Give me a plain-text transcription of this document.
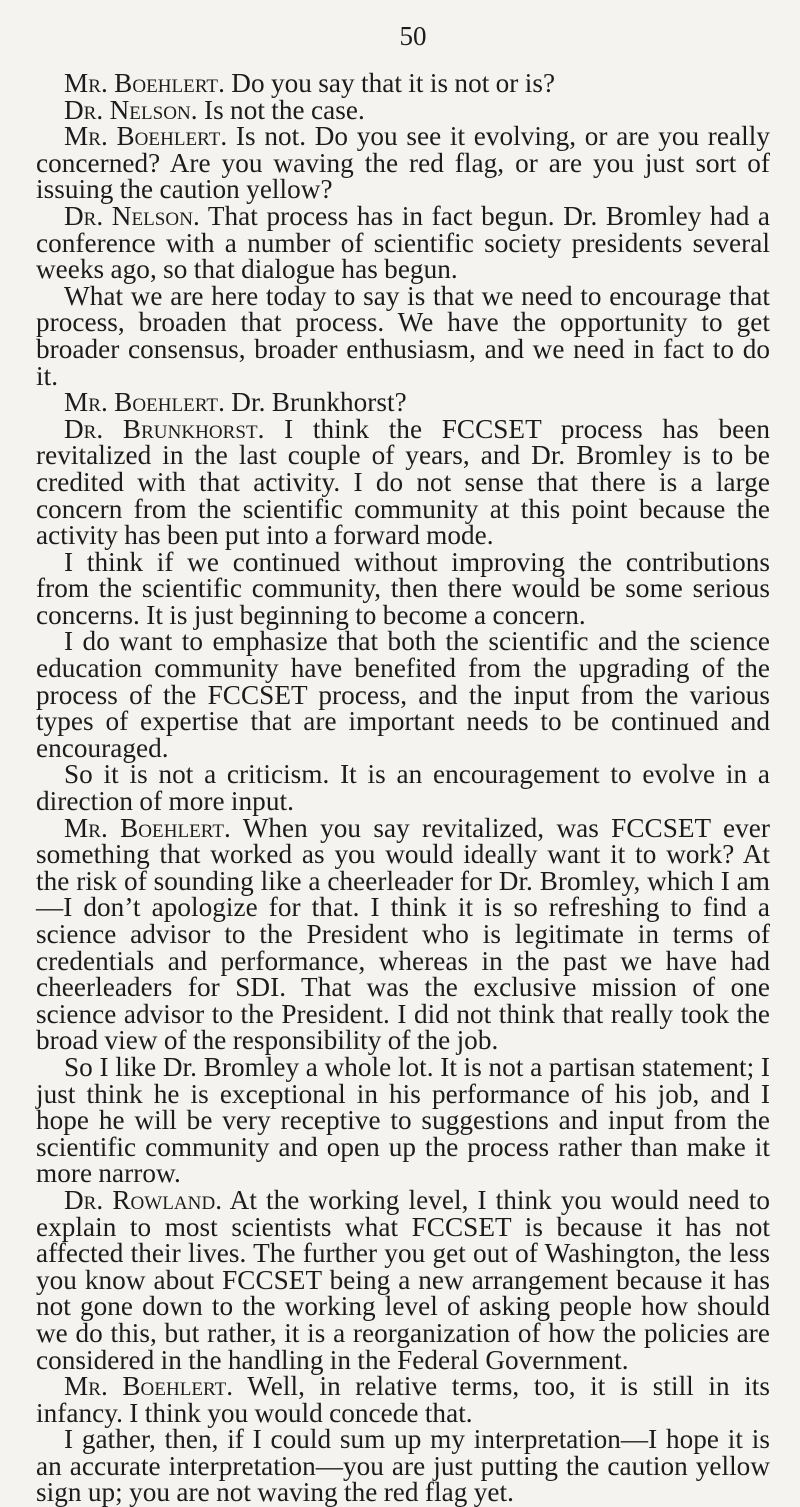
50

Mr. Boehlert. Do you say that it is not or is?

Dr. Nelson. Is not the case.

Mr. Boehlert. Is not. Do you see it evolving, or are you really concerned? Are you waving the red flag, or are you just sort of issuing the caution yellow?

Dr. Nelson. That process has in fact begun. Dr. Bromley had a conference with a number of scientific society presidents several weeks ago, so that dialogue has begun.

What we are here today to say is that we need to encourage that process, broaden that process. We have the opportunity to get broader consensus, broader enthusiasm, and we need in fact to do it.

Mr. Boehlert. Dr. Brunkhorst?

Dr. Brunkhorst. I think the FCCSET process has been revitalized in the last couple of years, and Dr. Bromley is to be credited with that activity. I do not sense that there is a large concern from the scientific community at this point because the activity has been put into a forward mode.

I think if we continued without improving the contributions from the scientific community, then there would be some serious concerns. It is just beginning to become a concern.

I do want to emphasize that both the scientific and the science education community have benefited from the upgrading of the process of the FCCSET process, and the input from the various types of expertise that are important needs to be continued and encouraged.

So it is not a criticism. It is an encouragement to evolve in a direction of more input.

Mr. Boehlert. When you say revitalized, was FCCSET ever something that worked as you would ideally want it to work? At the risk of sounding like a cheerleader for Dr. Bromley, which I am—I don’t apologize for that. I think it is so refreshing to find a science advisor to the President who is legitimate in terms of credentials and performance, whereas in the past we have had cheerleaders for SDI. That was the exclusive mission of one science advisor to the President. I did not think that really took the broad view of the responsibility of the job.

So I like Dr. Bromley a whole lot. It is not a partisan statement; I just think he is exceptional in his performance of his job, and I hope he will be very receptive to suggestions and input from the scientific community and open up the process rather than make it more narrow.

Dr. Rowland. At the working level, I think you would need to explain to most scientists what FCCSET is because it has not affected their lives. The further you get out of Washington, the less you know about FCCSET being a new arrangement because it has not gone down to the working level of asking people how should we do this, but rather, it is a reorganization of how the policies are considered in the handling in the Federal Government.

Mr. Boehlert. Well, in relative terms, too, it is still in its infancy. I think you would concede that.

I gather, then, if I could sum up my interpretation—I hope it is an accurate interpretation—you are just putting the caution yellow sign up; you are not waving the red flag yet.
